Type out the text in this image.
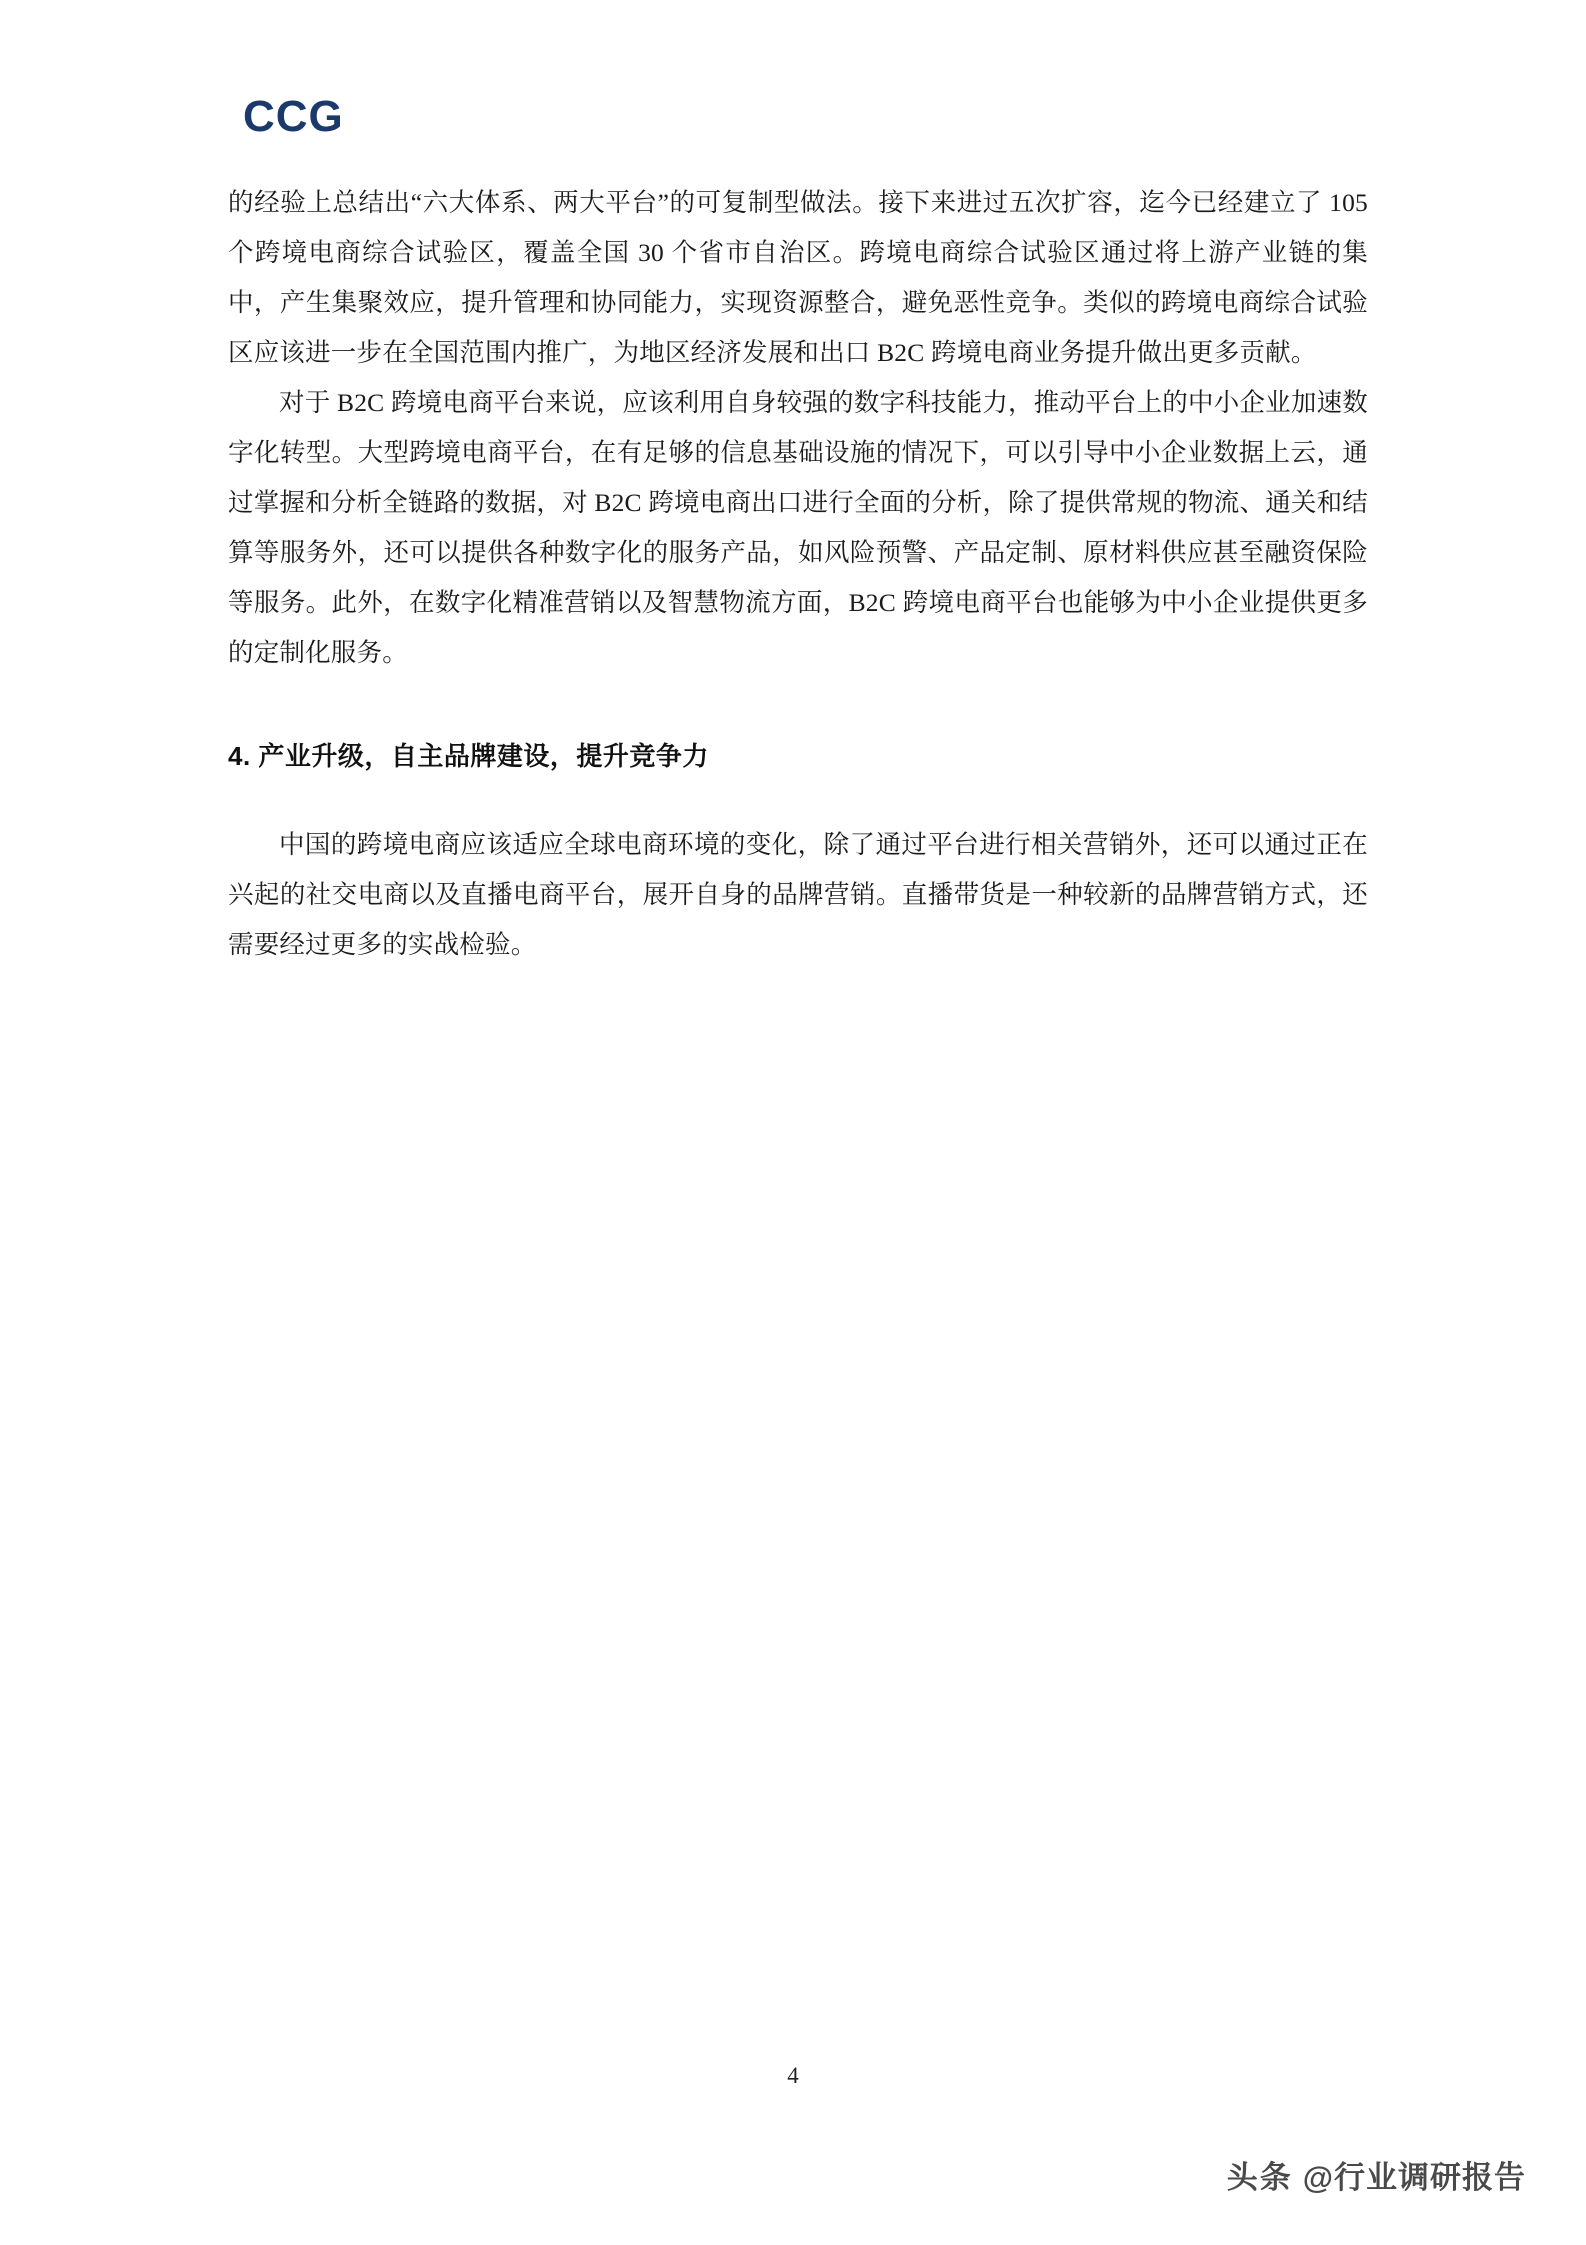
CCG

的经验上总结出“六大体系、两大平台”的可复制型做法。接下来进过五次扩容，迄今已经建立了 105 个跨境电商综合试验区，覆盖全国 30 个省市自治区。跨境电商综合试验区通过将上游产业链的集中，产生集聚效应，提升管理和协同能力，实现资源整合，避免恶性竞争。类似的跨境电商综合试验区应该进一步在全国范围内推广，为地区经济发展和出口 B2C 跨境电商业务提升做出更多贡献。

对于 B2C 跨境电商平台来说，应该利用自身较强的数字科技能力，推动平台上的中小企业加速数字化转型。大型跨境电商平台，在有足够的信息基础设施的情况下，可以引导中小企业数据上云，通过掌握和分析全链路的数据，对 B2C 跨境电商出口进行全面的分析，除了提供常规的物流、通关和结算等服务外，还可以提供各种数字化的服务产品，如风险预警、产品定制、原材料供应甚至融资保险等服务。此外，在数字化精准营销以及智慧物流方面，B2C 跨境电商平台也能够为中小企业提供更多的定制化服务。

4. 产业升级，自主品牌建设，提升竞争力

中国的跨境电商应该适应全球电商环境的变化，除了通过平台进行相关营销外，还可以通过正在兴起的社交电商以及直播电商平台，展开自身的品牌营销。直播带货是一种较新的品牌营销方式，还需要经过更多的实战检验。

4
头条 @行业调研报告
